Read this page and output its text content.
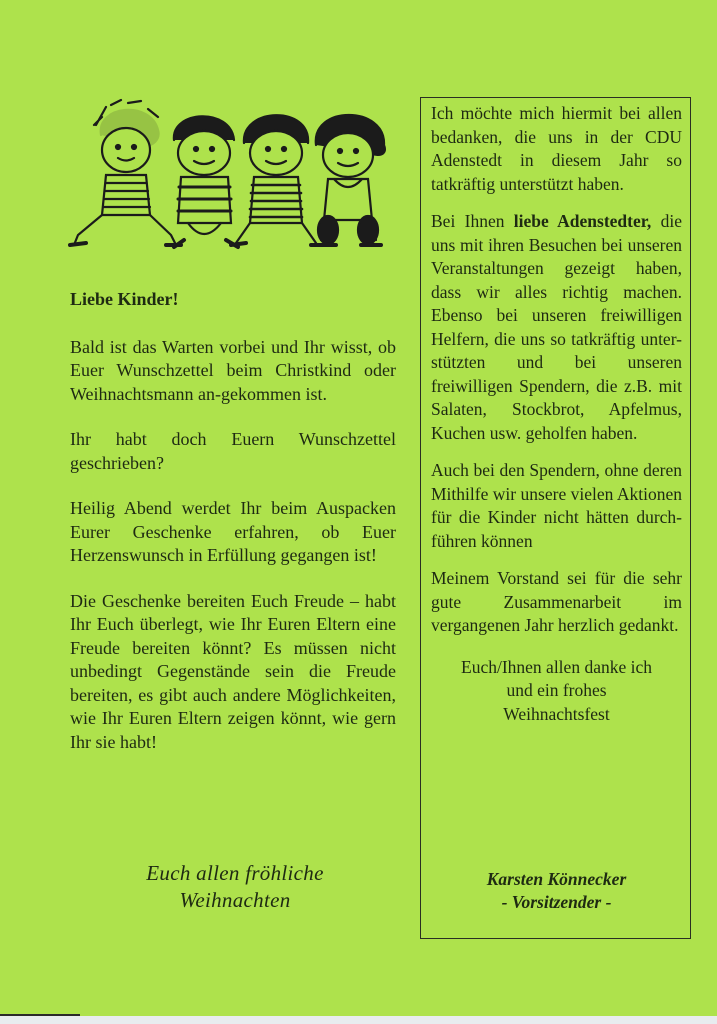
Liebe Kinder!

Bald ist das Warten vorbei und Ihr wisst, ob Euer Wunschzettel beim Christkind oder Weihnachtsmann an-gekommen ist.

Ihr habt doch Euern Wunschzettel geschrieben?

Heilig Abend werdet Ihr beim Auspacken Eurer Geschenke erfahren, ob Euer Herzenswunsch in Erfüllung gegangen ist!

Die Geschenke bereiten Euch Freude – habt Ihr Euch überlegt, wie Ihr Euren Eltern eine Freude bereiten könnt? Es müssen nicht unbedingt Gegenstände sein die Freude bereiten, es gibt auch andere Möglichkeiten, wie Ihr Euren Eltern zeigen könnt, wie gern Ihr sie habt!

Euch allen fröhliche
Weihnachten

Ich möchte mich hiermit bei allen bedanken, die uns in der CDU Adenstedt in diesem Jahr so tatkräftig unterstützt haben.

Bei Ihnen liebe Adenstedter, die uns mit ihren Besuchen bei unseren Veranstaltungen gezeigt haben, dass wir alles richtig machen. Ebenso bei unseren freiwilligen Helfern, die uns so tatkräftig unter-stützten und bei unseren freiwilligen Spendern, die z.B. mit Salaten, Stockbrot, Apfelmus, Kuchen usw. geholfen haben.

Auch bei den Spendern, ohne deren Mithilfe wir unsere vielen Aktionen für die Kinder nicht hätten durch-führen können

Meinem Vorstand sei für die sehr gute Zusammenarbeit im vergangenen Jahr herzlich gedankt.

Euch/Ihnen allen danke ich
und ein frohes
Weihnachtsfest

Karsten Könnecker
- Vorsitzender -
